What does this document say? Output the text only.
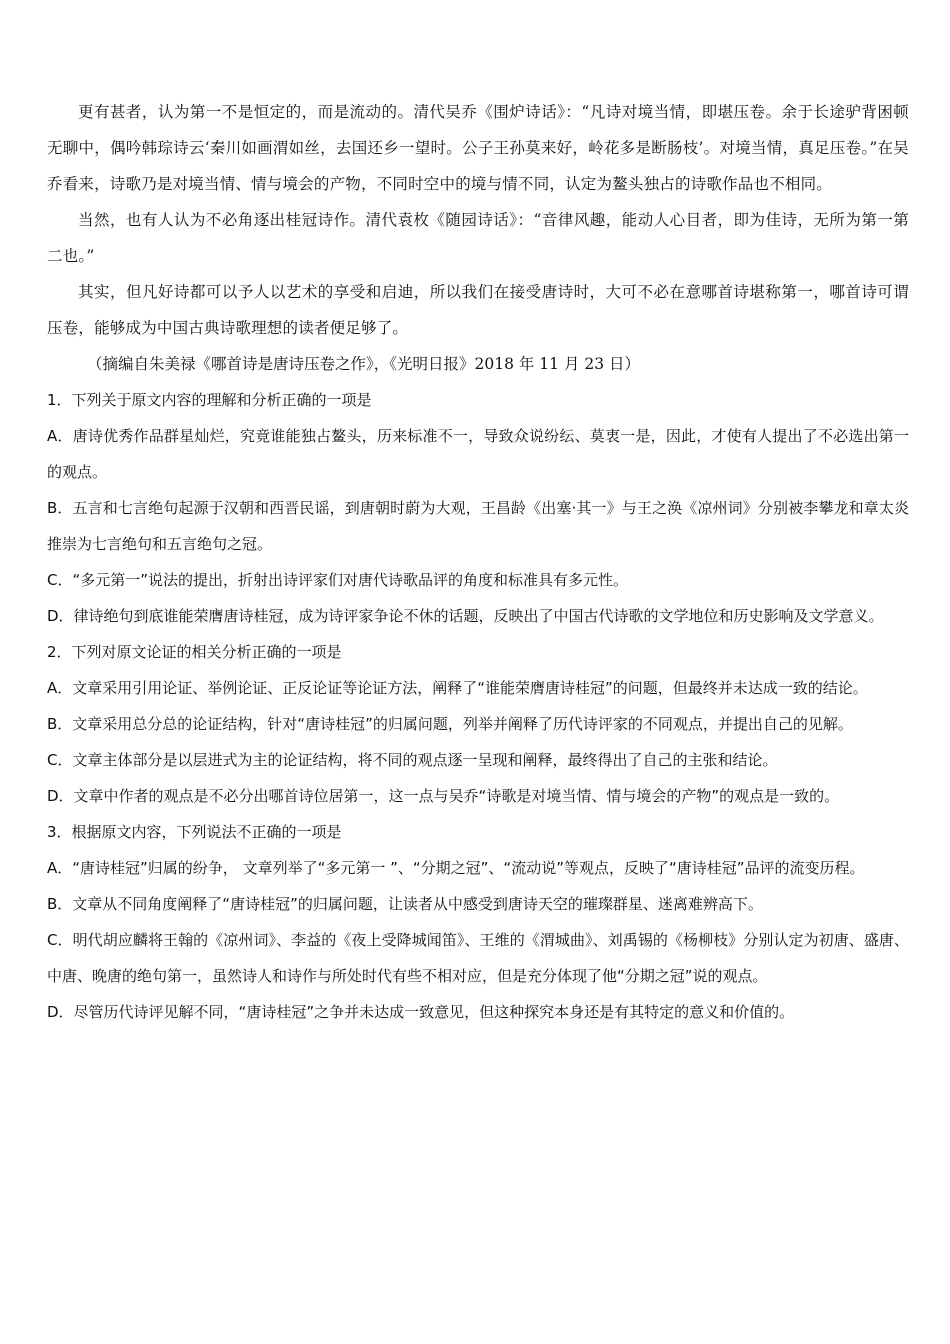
更有甚者，认为第一不是恒定的，而是流动的。清代吴乔《围炉诗话》：“凡诗对境当情，即堪压卷。余于长途驴背困顿无聊中，偶吟韩琮诗云‘秦川如画渭如丝，去国还乡一望时。公子王孙莫来好，岭花多是断肠枝’。对境当情，真足压卷。”在吴乔看来，诗歌乃是对境当情、情与境会的产物，不同时空中的境与情不同，认定为鳌头独占的诗歌作品也不相同。

当然，也有人认为不必角逐出桂冠诗作。清代袁枚《随园诗话》：“音律风趣，能动人心目者，即为佳诗，无所为第一第二也。”

其实，但凡好诗都可以予人以艺术的享受和启迪，所以我们在接受唐诗时，大可不必在意哪首诗堪称第一，哪首诗可谓压卷，能够成为中国古典诗歌理想的读者便足够了。

（摘编自朱美禄《哪首诗是唐诗压卷之作》，《光明日报》2018 年 11 月 23 日）

1．下列关于原文内容的理解和分析正确的一项是

A．唐诗优秀作品群星灿烂，究竟谁能独占鳌头，历来标准不一，导致众说纷纭、莫衷一是，因此，才使有人提出了不必选出第一的观点。

B．五言和七言绝句起源于汉朝和西晋民谣，到唐朝时蔚为大观，王昌龄《出塞·其一》与王之涣《凉州词》分别被李攀龙和章太炎推崇为七言绝句和五言绝句之冠。

C．“多元第一”说法的提出，折射出诗评家们对唐代诗歌品评的角度和标准具有多元性。

D．律诗绝句到底谁能荣膺唐诗桂冠，成为诗评家争论不休的话题，反映出了中国古代诗歌的文学地位和历史影响及文学意义。

2．下列对原文论证的相关分析正确的一项是

A．文章采用引用论证、举例论证、正反论证等论证方法，阐释了“谁能荣膺唐诗桂冠”的问题，但最终并未达成一致的结论。

B．文章采用总分总的论证结构，针对“唐诗桂冠”的归属问题，列举并阐释了历代诗评家的不同观点，并提出自己的见解。

C．文章主体部分是以层进式为主的论证结构，将不同的观点逐一呈现和阐释，最终得出了自己的主张和结论。

D．文章中作者的观点是不必分出哪首诗位居第一，这一点与吴乔“诗歌是对境当情、情与境会的产物”的观点是一致的。

3．根据原文内容，下列说法不正确的一项是

A．“唐诗桂冠”归属的纷争， 文章列举了“多元第一 ”、“分期之冠”、“流动说”等观点，反映了“唐诗桂冠”品评的流变历程。

B．文章从不同角度阐释了“唐诗桂冠”的归属问题，让读者从中感受到唐诗天空的璀璨群星、迷离难辨高下。

C．明代胡应麟将王翰的《凉州词》、李益的《夜上受降城闻笛》、王维的《渭城曲》、刘禹锡的《杨柳枝》分别认定为初唐、盛唐、中唐、晚唐的绝句第一，虽然诗人和诗作与所处时代有些不相对应，但是充分体现了他“分期之冠”说的观点。

D．尽管历代诗评见解不同，“唐诗桂冠”之争并未达成一致意见，但这种探究本身还是有其特定的意义和价值的。
